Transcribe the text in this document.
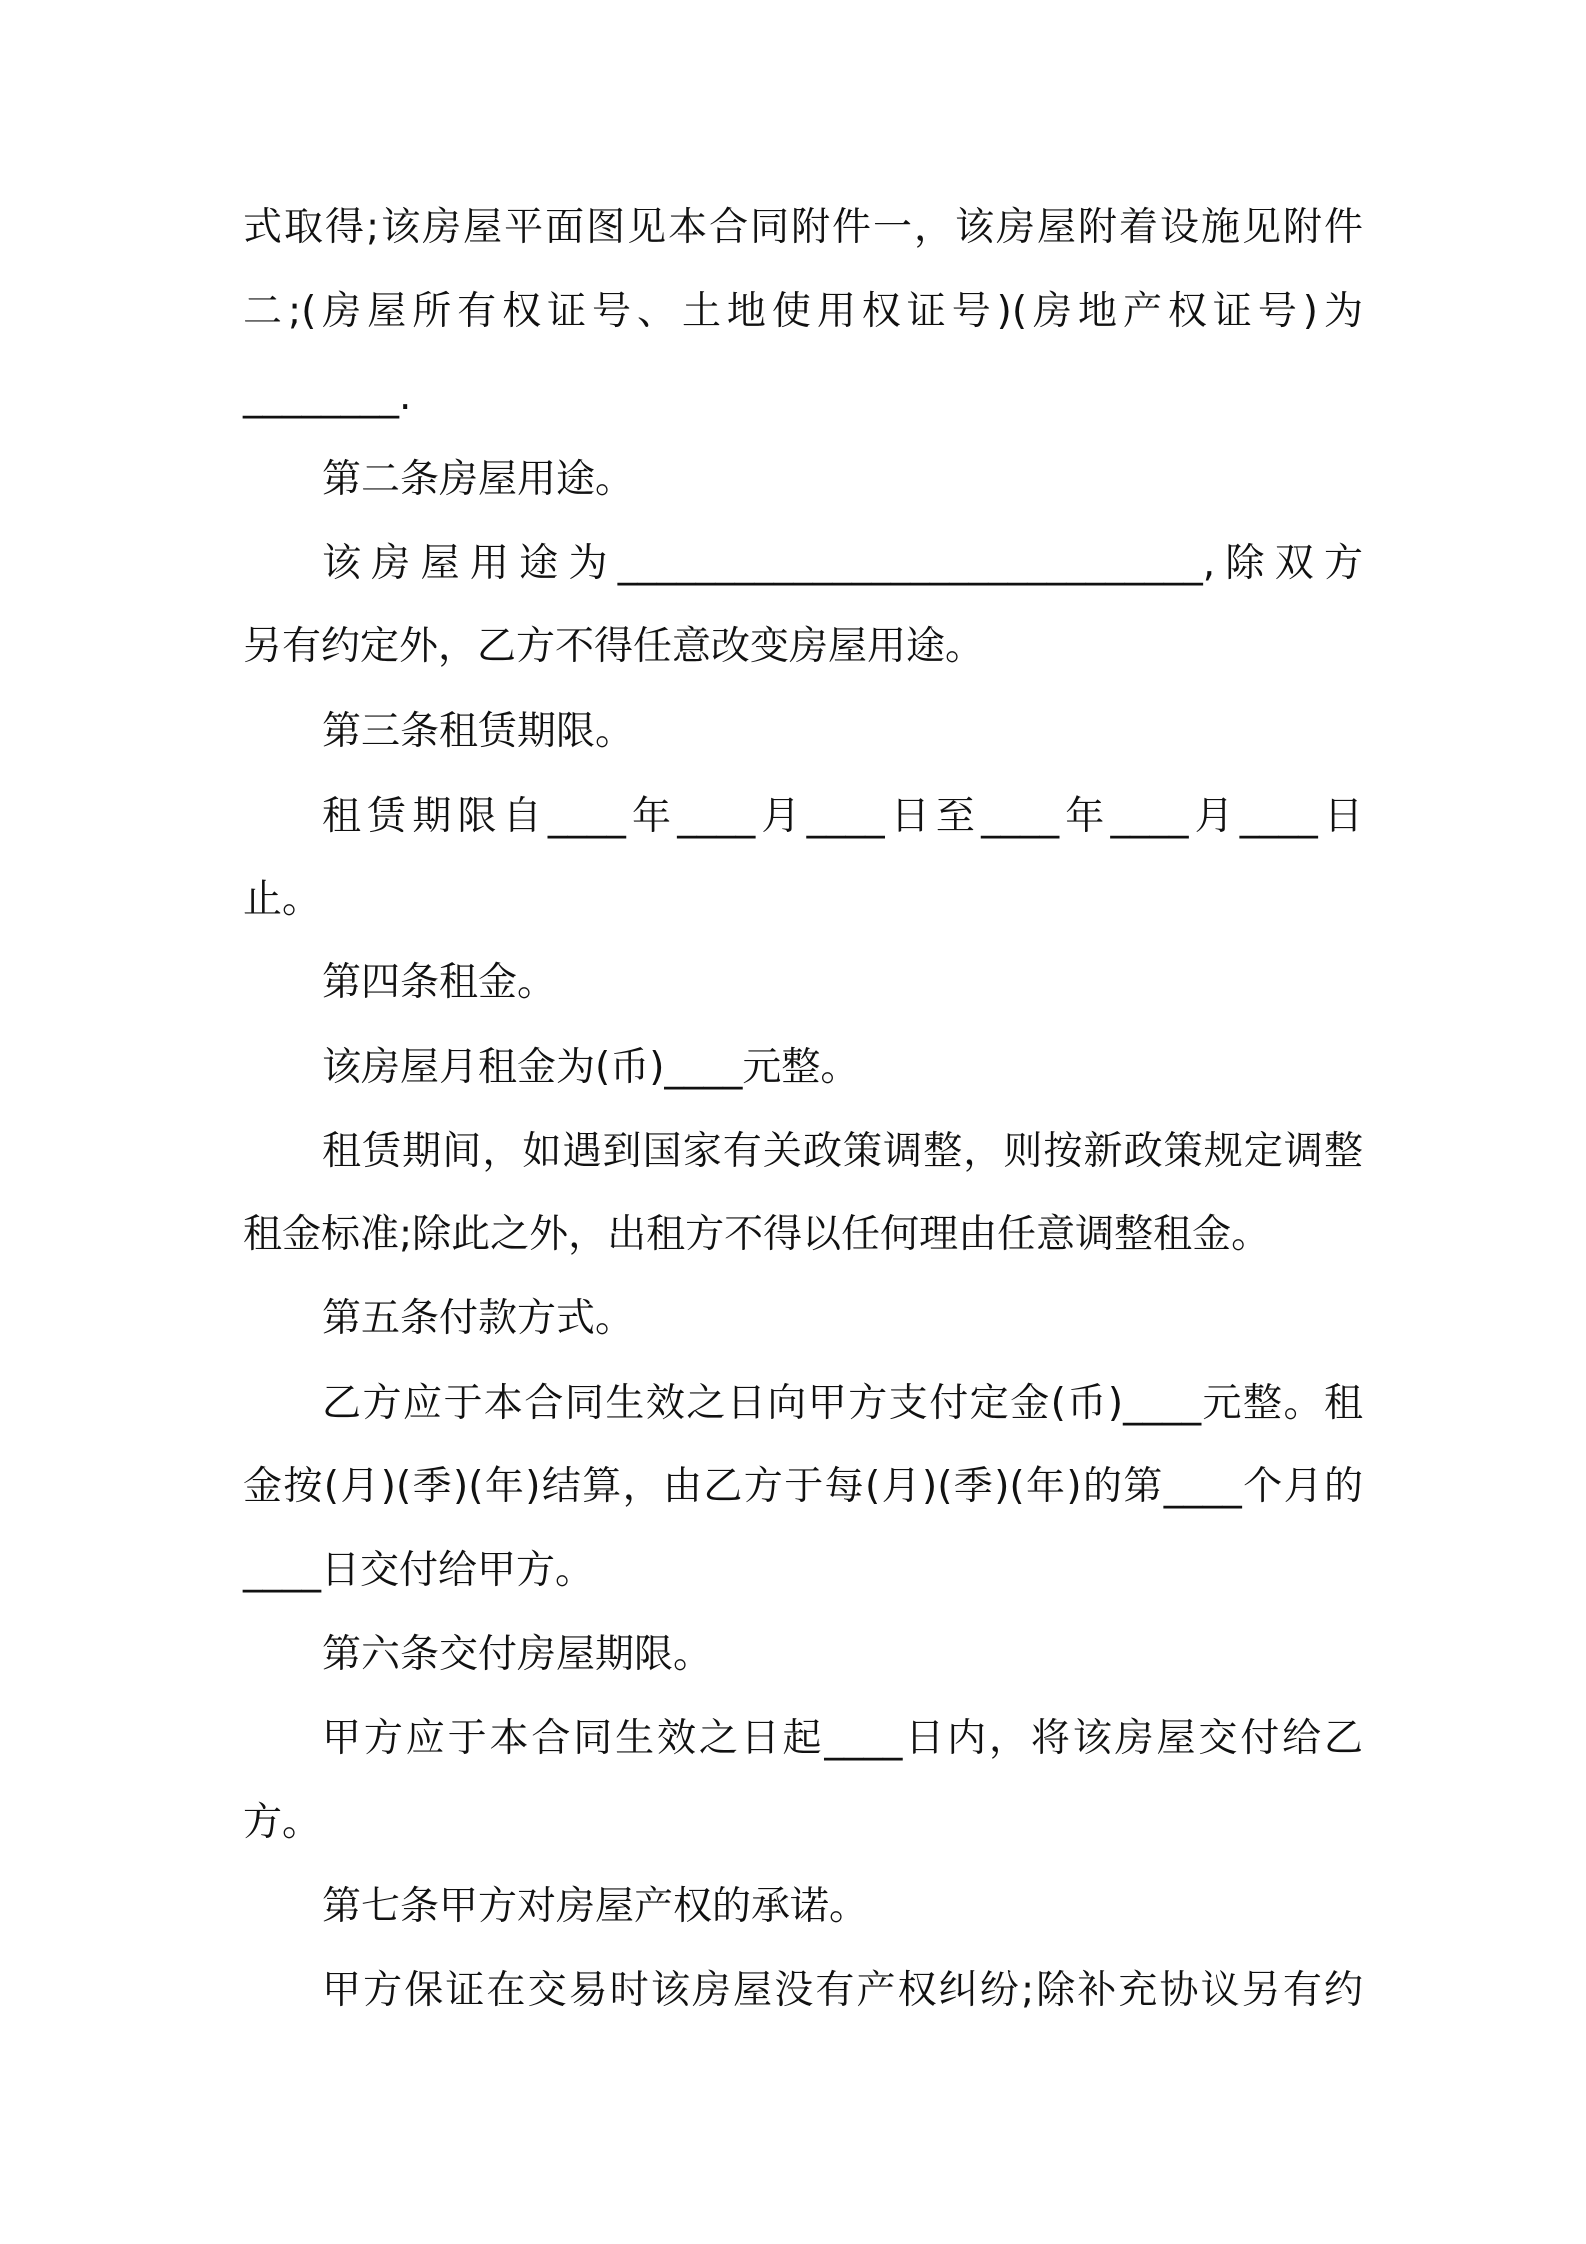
式取得;该房屋平面图见本合同附件一，该房屋附着设施见附件
二;(房屋所有权证号、土地使用权证号)(房地产权证号)为
________.
第二条房屋用途。
该房屋用途为______________________________,除双方
另有约定外，乙方不得任意改变房屋用途。
第三条租赁期限。
租赁期限自____年____月____日至____年____月____日
止。
第四条租金。
该房屋月租金为(币)____元整。
租赁期间，如遇到国家有关政策调整，则按新政策规定调整
租金标准;除此之外，出租方不得以任何理由任意调整租金。
第五条付款方式。
乙方应于本合同生效之日向甲方支付定金(币)____元整。租
金按(月)(季)(年)结算，由乙方于每(月)(季)(年)的第____个月的
____日交付给甲方。
第六条交付房屋期限。
甲方应于本合同生效之日起____日内，将该房屋交付给乙
方。
第七条甲方对房屋产权的承诺。
甲方保证在交易时该房屋没有产权纠纷;除补充协议另有约
